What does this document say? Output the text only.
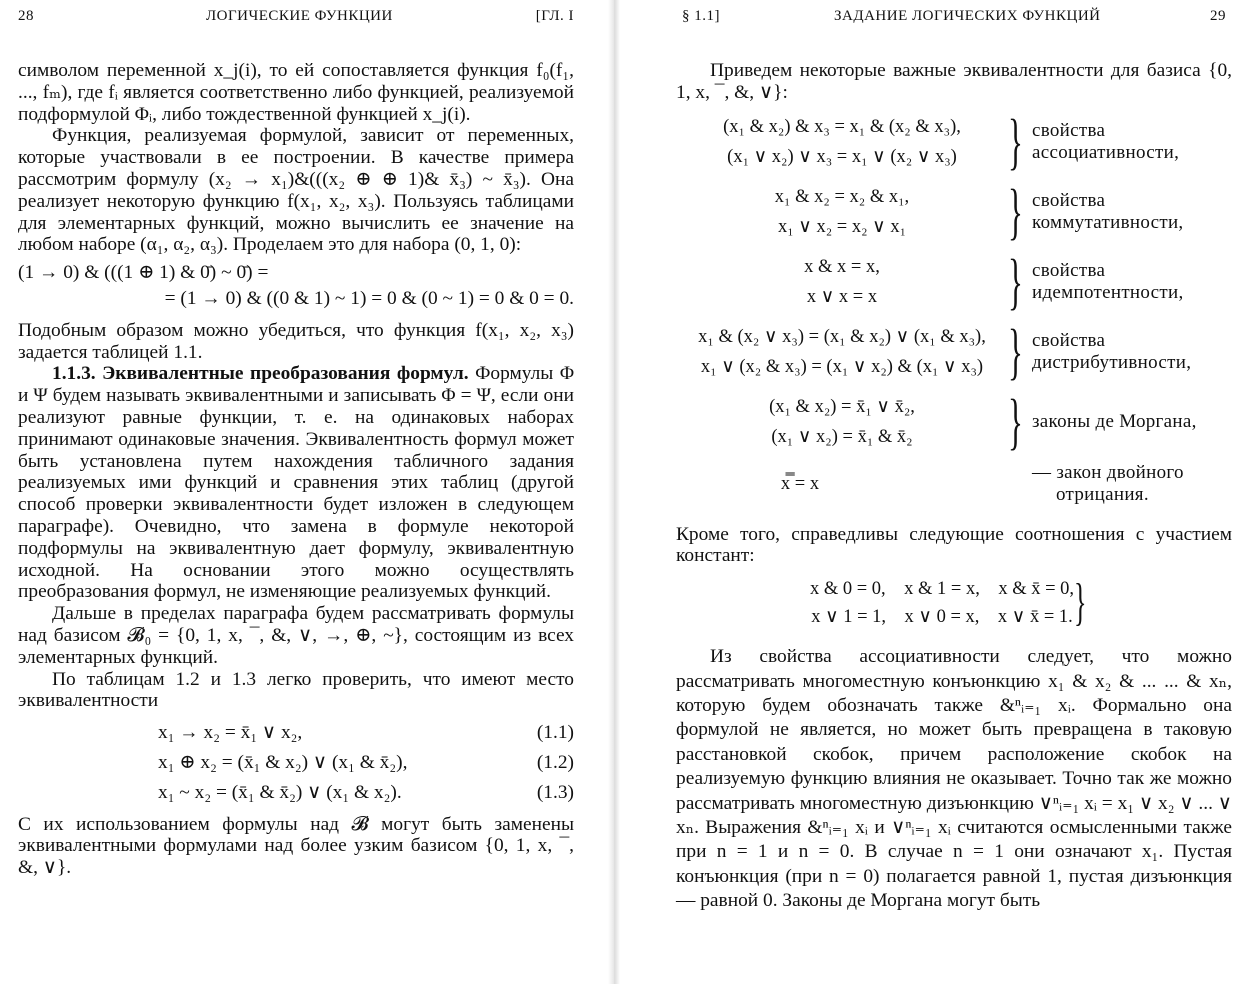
28	ЛОГИЧЕСКИЕ ФУНКЦИИ	[ГЛ. I

символом переменной x_j(i), то ей сопоставляется функция f₀(f₁, ..., fₘ), где fᵢ является соответственно либо функцией, реализуемой подформулой Φᵢ, либо тождественной функцией x_j(i).

Функция, реализуемая формулой, зависит от переменных, которые участвовали в ее построении. В качестве примера рассмотрим формулу (x₂ → x₁)&(((x₂ ⊕ ⊕ 1)& x̄₃) ~ x̄₃). Она реализует некоторую функцию f(x₁, x₂, x₃). Пользуясь таблицами для элементарных функций, можно вычислить ее значение на любом наборе (α₁, α₂, α₃). Проделаем это для набора (0, 1, 0):

(1 → 0) & (((1 ⊕ 1) & 0̄) ~ 0̄) =
= (1 → 0) & ((0 & 1) ~ 1) = 0 & (0 ~ 1) = 0 & 0 = 0.

Подобным образом можно убедиться, что функция f(x₁, x₂, x₃) задается таблицей 1.1.

1.1.3. Эквивалентные преобразования формул. Формулы Φ и Ψ будем называть эквивалентными и записывать Φ = Ψ, если они реализуют равные функции, т. е. на одинаковых наборах принимают одинаковые значения. Эквивалентность формул может быть установлена путем нахождения табличного задания реализуемых ими функций и сравнения этих таблиц (другой способ проверки эквивалентности будет изложен в следующем параграфе). Очевидно, что замена в формуле некоторой подформулы на эквивалентную дает формулу, эквивалентную исходной. На основании этого можно осуществлять преобразования формул, не изменяющие реализуемых функций.

Дальше в пределах параграфа будем рассматривать формулы над базисом 𝓑₀ = {0, 1, x, ¯, &, ∨, →, ⊕, ~}, состоящим из всех элементарных функций.

По таблицам 1.2 и 1.3 легко проверить, что имеют место эквивалентности

x₁ → x₂ = x̄₁ ∨ x₂,	(1.1)
x₁ ⊕ x₂ = (x̄₁ & x₂) ∨ (x₁ & x̄₂),	(1.2)
x₁ ~ x₂ = (x̄₁ & x̄₂) ∨ (x₁ & x₂).	(1.3)

С их использованием формулы над 𝓑 могут быть заменены эквивалентными формулами над более узким базисом {0, 1, x, ¯, &, ∨}.

§ 1.1]	ЗАДАНИЕ ЛОГИЧЕСКИХ ФУНКЦИЙ	29

Приведем некоторые важные эквивалентности для базиса {0, 1, x, ¯, &, ∨}:

(x₁ & x₂) & x₃ = x₁ & (x₂ & x₃),
(x₁ ∨ x₂) ∨ x₃ = x₁ ∨ (x₂ ∨ x₃) } свойства
ассоциативности,
x₁ & x₂ = x₂ & x₁,
x₁ ∨ x₂ = x₂ ∨ x₁	} свойства
коммутативности,
x & x = x,
x ∨ x = x	} свойства
идемпотентности,
x₁ & (x₂ ∨ x₃) = (x₁ & x₂) ∨ (x₁ & x₃),
x₁ ∨ (x₂ & x₃) = (x₁ ∨ x₂) & (x₁ ∨ x₃) } свойства
дистрибутивности,
(x₁ & x₂) = x̄₁ ∨ x̄₂,
(x₁ ∨ x₂) = x̄₁ & x̄₂	} законы де Моргана,
x̿ = x
— закон двойного
отрицания.

Кроме того, справедливы следующие соотношения с участием констант:

x & 0 = 0,    x & 1 = x,    x & x̄ = 0,
x ∨ 1 = 1,    x ∨ 0 = x,    x ∨ x̄ = 1. }

Из свойства ассоциативности следует, что можно рассматривать многоместную конъюнкцию x₁ & x₂ & ... ... & xₙ, которую будем обозначать также &ⁿᵢ₌₁ xᵢ. Формально она формулой не является, но может быть превращена в таковую расстановкой скобок, причем расположение скобок на реализуемую функцию влияния не оказывает. Точно так же можно рассматривать многоместную дизъюнкцию ∨ⁿᵢ₌₁ xᵢ = x₁ ∨ x₂ ∨ ... ∨ xₙ. Выражения &ⁿᵢ₌₁ xᵢ и ∨ⁿᵢ₌₁ xᵢ считаются осмысленными также при n = 1 и n = 0. В случае n = 1 они означают x₁. Пустая конъюнкция (при n = 0) полагается равной 1, пустая дизъюнкция — равной 0. Законы де Моргана могут быть
